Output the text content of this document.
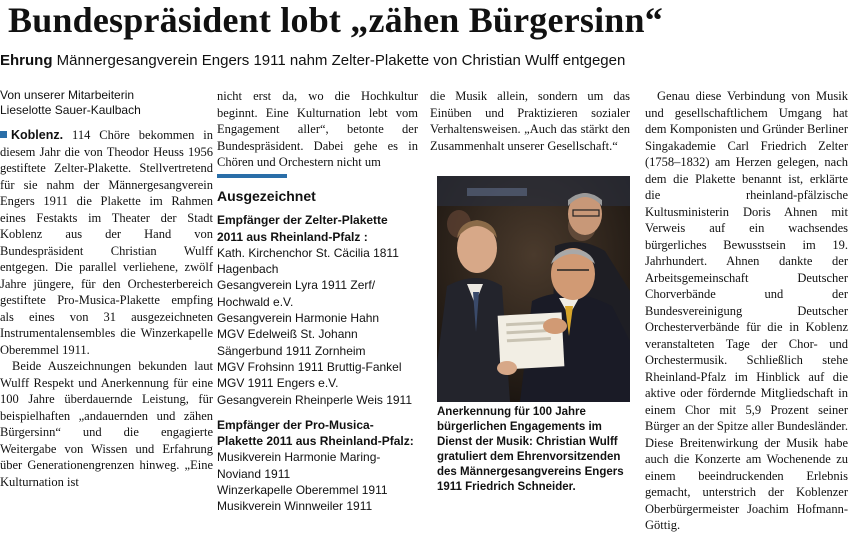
Bundespräsident lobt „zähen Bürgersinn“
Ehrung Männergesangverein Engers 1911 nahm Zelter-Plakette von Christian Wulff entgegen

Von unserer Mitarbeiterin
Lieselotte Sauer-Kaulbach

Koblenz. 114 Chöre bekommen in diesem Jahr die von Theodor Heuss 1956 gestiftete Zelter-Plakette. Stellvertretend für sie nahm der Männergesangverein Engers 1911 die Plakette im Rahmen eines Festakts im Theater der Stadt Koblenz aus der Hand von Bundespräsident Christian Wulff entgegen. Die parallel verliehene, zwölf Jahre jüngere, für den Orchesterbereich gestiftete Pro-Musica-Plakette empfing als eines von 31 ausgezeichneten Instrumentalensembles die Winzerkapelle Oberemmel 1911.

Beide Auszeichnungen bekunden laut Wulff Respekt und Anerkennung für eine 100 Jahre überdauernde Leistung, für beispielhaften „andauernden und zähen Bürgersinn“ und die engagierte Weitergabe von Wissen und Erfahrung über Generationengrenzen hinweg. „Eine Kulturnation ist

nicht erst da, wo die Hochkultur beginnt. Eine Kulturnation lebt vom Engagement aller“, betonte der Bundespräsident. Dabei gehe es in Chören und Orchestern nicht um

Ausgezeichnet
Empfänger der Zelter-Plakette 2011 aus Rheinland-Pfalz :
Kath. Kirchenchor St. Cäcilia 1811 Hagenbach
Gesangverein Lyra 1911 Zerf/ Hochwald e.V.
Gesangverein Harmonie Hahn
MGV Edelweiß St. Johann
Sängerbund 1911 Zornheim
MGV Frohsinn 1911 Bruttig-Fankel
MGV 1911 Engers e.V.
Gesangverein Rheinperle Weis 1911
Empfänger der Pro-Musica-Plakette 2011 aus Rheinland-Pfalz:
Musikverein Harmonie Maring-Noviand 1911
Winzerkapelle Oberemmel 1911
Musikverein Winnweiler 1911

die Musik allein, sondern um das Einüben und Praktizieren sozialer Verhaltensweisen. „Auch das stärkt den Zusammenhalt unserer Gesellschaft.“

Anerkennung für 100 Jahre bürgerlichen Engagements im Dienst der Musik: Christian Wulff gratuliert dem Ehrenvorsitzenden des Männergesangvereins Engers 1911 Friedrich Schneider.

Genau diese Verbindung von Musik und gesellschaftlichem Umgang hat dem Komponisten und Gründer Berliner Singakademie Carl Friedrich Zelter (1758–1832) am Herzen gelegen, nach dem die Plakette benannt ist, erklärte die rheinland-pfälzische Kultusministerin Doris Ahnen mit Verweis auf ein wachsendes bürgerliches Bewusstsein im 19. Jahrhundert. Ahnen dankte der Arbeitsgemeinschaft Deutscher Chorverbände und der Bundesvereinigung Deutscher Orchesterverbände für die in Koblenz veranstalteten Tage der Chor- und Orchestermusik. Schließlich stehe Rheinland-Pfalz im Hinblick auf die aktive oder fördernde Mitgliedschaft in einem Chor mit 5,9 Prozent seiner Bürger an der Spitze aller Bundesländer. Diese Breitenwirkung der Musik habe auch die Konzerte am Wochenende zu einem beeindruckenden Erlebnis gemacht, unterstrich der Koblenzer Oberbürgermeister Joachim Hofmann-Göttig.
